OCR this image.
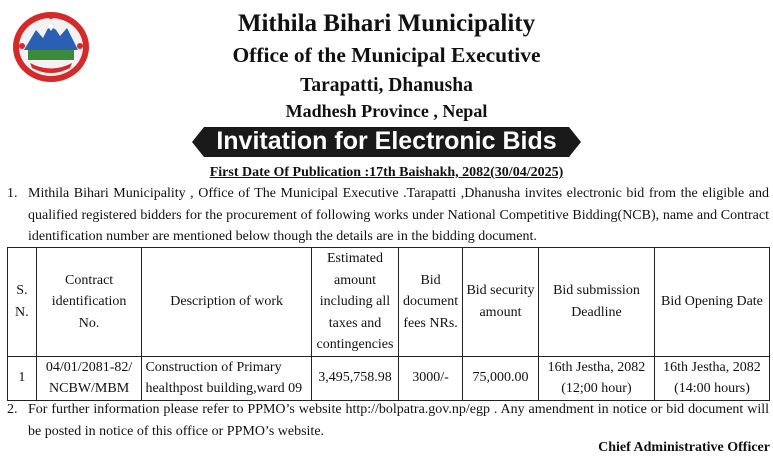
Mithila Bihari Municipality
Office of the Municipal Executive
Tarapatti, Dhanusha
Madhesh Province , Nepal
Invitation for Electronic Bids
First Date Of Publication :17th Baishakh, 2082(30/04/2025)
1. Mithila Bihari Municipality , Office of The Municipal Executive .Tarapatti ,Dhanusha invites electronic bid from the eligible and qualified registered bidders for the procurement of following works under National Competitive Bidding(NCB), name and Contract identification number are mentioned below though the details are in the bidding document.
S. N.	Contract identification No.	Description of work	Estimated amount including all taxes and contingencies	Bid document fees NRs.	Bid security amount	Bid submission Deadline	Bid Opening Date
1	04/01/2081-82/ NCBW/MBM	Construction of Primary healthpost building,ward 09	3,495,758.98	3000/-	75,000.00	16th Jestha, 2082 (12;00 hour)	16th Jestha, 2082 (14:00 hours)
2. For further information please refer to PPMO’s website http://bolpatra.gov.np/egp . Any amendment in notice or bid document will be posted in notice of this office or PPMO’s website.
Chief Administrative Officer
